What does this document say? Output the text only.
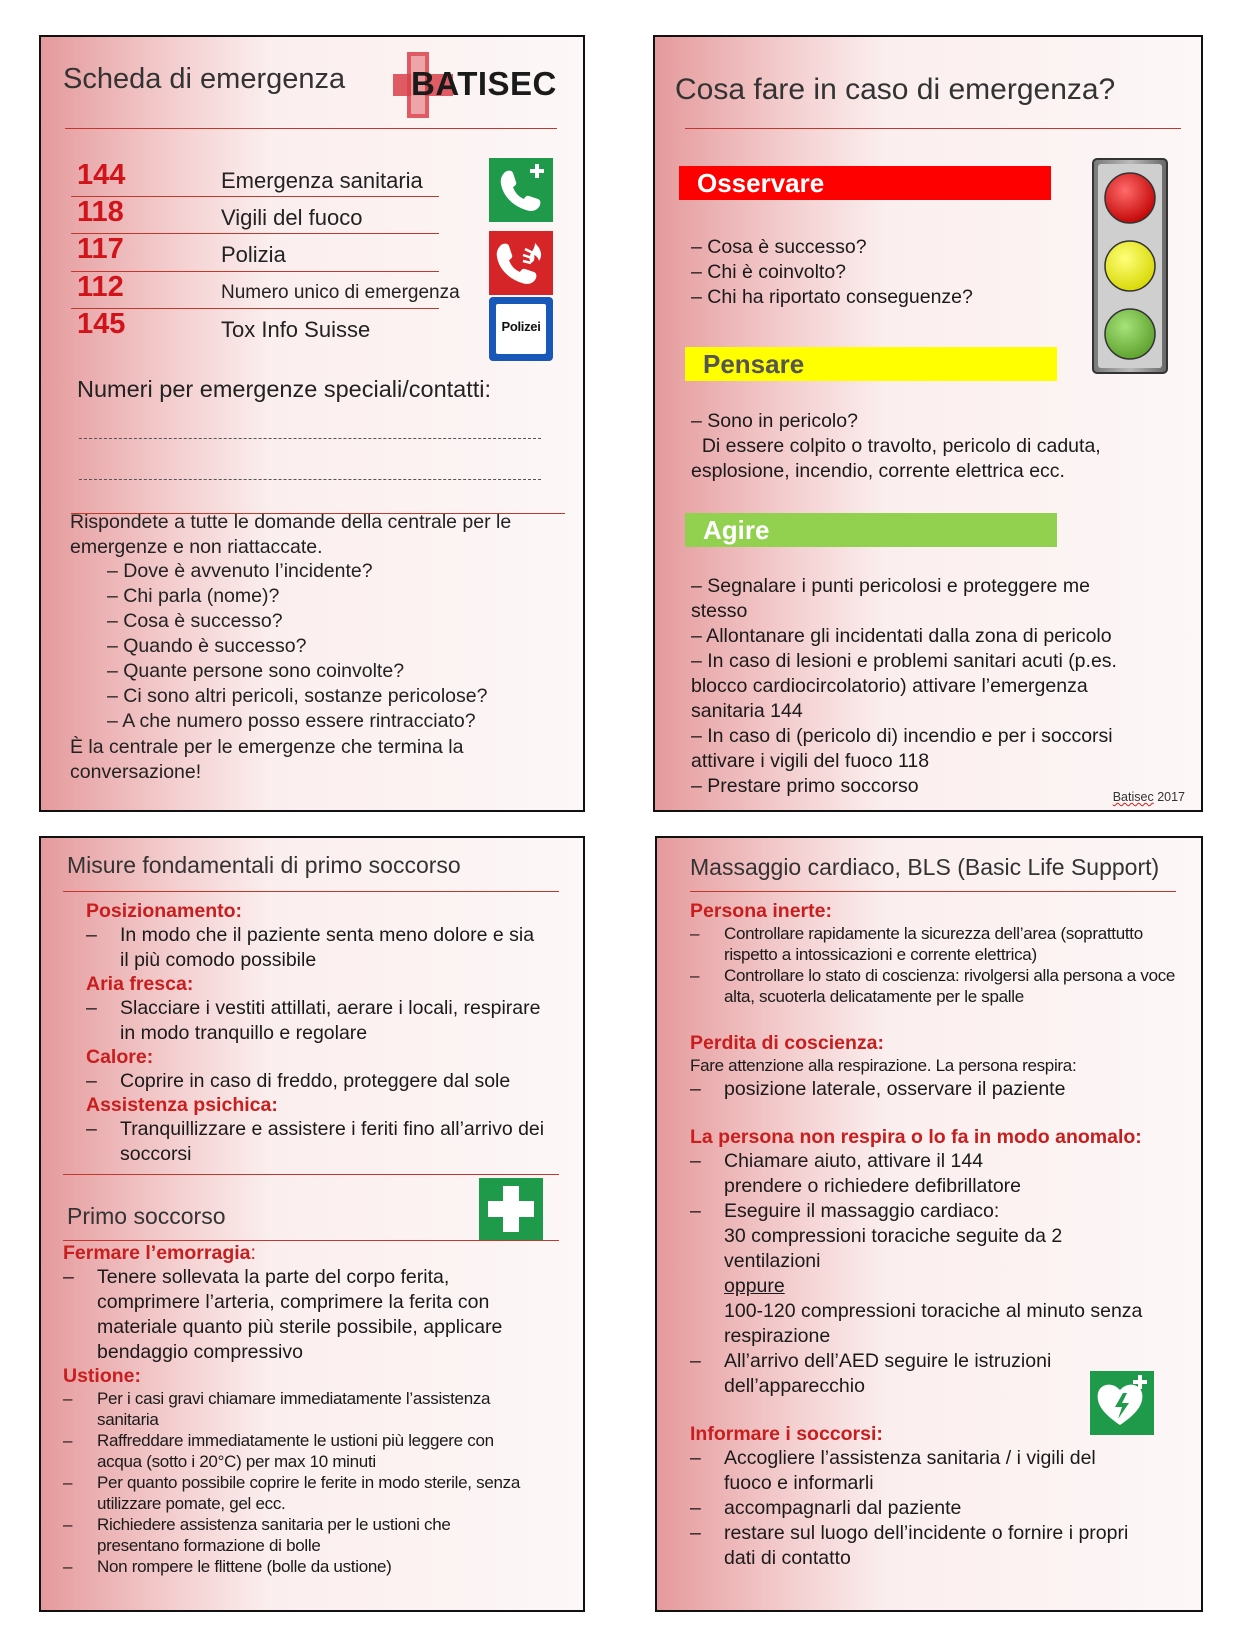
Scheda di emergenza BATISEC
144	Emergenza sanitaria
118	Vigili del fuoco
117	Polizia
112	Numero unico di emergenza
145	Tox Info Suisse	Polizei
Numeri per emergenze speciali/contatti:
Rispondete a tutte le domande della centrale per le emergenze e non riattaccate.
– Dove è avvenuto l’incidente?
– Chi parla (nome)?
– Cosa è successo?
– Quando è successo?
– Quante persone sono coinvolte?
– Ci sono altri pericoli, sostanze pericolose?
– A che numero posso essere rintracciato?
È la centrale per le emergenze che termina la conversazione!
Cosa fare in caso di emergenza?
Osservare
– Cosa è successo?
– Chi è coinvolto?
– Chi ha riportato conseguenze?
Pensare
– Sono in pericolo?
Di essere colpito o travolto, pericolo di caduta,
esplosione, incendio, corrente elettrica ecc.
Agire
– Segnalare i punti pericolosi e proteggere me
stesso
– Allontanare gli incidentati dalla zona di pericolo
– In caso di lesioni e problemi sanitari acuti (p.es.
blocco cardiocircolatorio) attivare l’emergenza
sanitaria 144
– In caso di (pericolo di) incendio e per i soccorsi
attivare i vigili del fuoco 118
– Prestare primo soccorso	Batisec 2017
Misure fondamentali di primo soccorso
Posizionamento:
– In modo che il paziente senta meno dolore e sia il più comodo possibile
Aria fresca:
– Slacciare i vestiti attillati, aerare i locali, respirare in modo tranquillo e regolare
Calore:
– Coprire in caso di freddo, proteggere dal sole
Assistenza psichica:
– Tranquillizzare e assistere i feriti fino all’arrivo dei soccorsi
Primo soccorso
Fermare l’emorragia:
– Tenere sollevata la parte del corpo ferita, comprimere l’arteria, comprimere la ferita con materiale quanto più sterile possibile, applicare bendaggio compressivo
Ustione:
– Per i casi gravi chiamare immediatamente l’assistenza sanitaria
– Raffreddare immediatamente le ustioni più leggere con acqua (sotto i 20°C) per max 10 minuti
– Per quanto possibile coprire le ferite in modo sterile, senza utilizzare pomate, gel ecc.
– Richiedere assistenza sanitaria per le ustioni che presentano formazione di bolle
– Non rompere le flittene (bolle da ustione)
Massaggio cardiaco, BLS (Basic Life Support)
Persona inerte:
– Controllare rapidamente la sicurezza dell’area (soprattutto rispetto a intossicazioni e corrente elettrica)
– Controllare lo stato di coscienza: rivolgersi alla persona a voce alta, scuoterla delicatamente per le spalle
Perdita di coscienza:
Fare attenzione alla respirazione. La persona respira:
– posizione laterale, osservare il paziente
La persona non respira o lo fa in modo anomalo:
– Chiamare aiuto, attivare il 144
prendere o richiedere defibrillatore
– Eseguire il massaggio cardiaco:
30 compressioni toraciche seguite da 2 ventilazioni
oppure
100-120 compressioni toraciche al minuto senza respirazione
– All’arrivo dell’AED seguire le istruzioni dell’apparecchio
Informare i soccorsi:
– Accogliere l’assistenza sanitaria / i vigili del fuoco e informarli
– accompagnarli dal paziente
– restare sul luogo dell’incidente o fornire i propri dati di contatto
